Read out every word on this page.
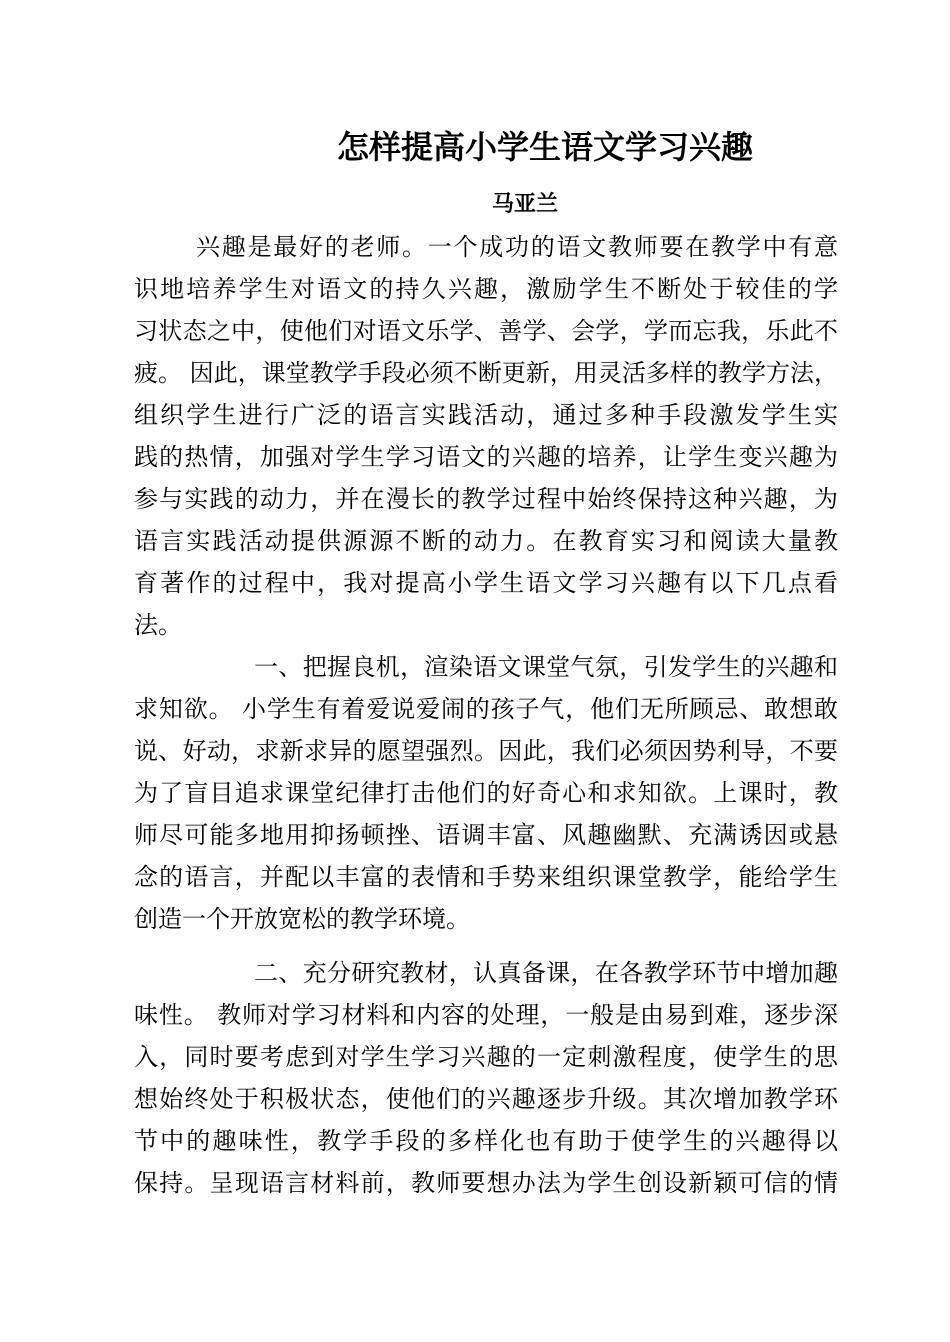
怎样提高小学生语文学习兴趣
马亚兰
兴趣是最好的老师。一个成功的语文教师要在教学中有意
识地培养学生对语文的持久兴趣，激励学生不断处于较佳的学
习状态之中，使他们对语文乐学、善学、会学，学而忘我，乐此不
疲。 因此，课堂教学手段必须不断更新，用灵活多样的教学方法，
组织学生进行广泛的语言实践活动，通过多种手段激发学生实
践的热情，加强对学生学习语文的兴趣的培养，让学生变兴趣为
参与实践的动力，并在漫长的教学过程中始终保持这种兴趣，为
语言实践活动提供源源不断的动力。在教育实习和阅读大量教
育著作的过程中，我对提高小学生语文学习兴趣有以下几点看
法。
一、把握良机，渲染语文课堂气氛，引发学生的兴趣和
求知欲。 小学生有着爱说爱闹的孩子气，他们无所顾忌、敢想敢
说、好动，求新求异的愿望强烈。因此，我们必须因势利导，不要
为了盲目追求课堂纪律打击他们的好奇心和求知欲。上课时，教
师尽可能多地用抑扬顿挫、语调丰富、风趣幽默、充满诱因或悬
念的语言，并配以丰富的表情和手势来组织课堂教学，能给学生
创造一个开放宽松的教学环境。
二、充分研究教材，认真备课，在各教学环节中增加趣
味性。 教师对学习材料和内容的处理，一般是由易到难，逐步深
入，同时要考虑到对学生学习兴趣的一定刺激程度，使学生的思
想始终处于积极状态，使他们的兴趣逐步升级。其次增加教学环
节中的趣味性，教学手段的多样化也有助于使学生的兴趣得以
保持。呈现语言材料前，教师要想办法为学生创设新颖可信的情
